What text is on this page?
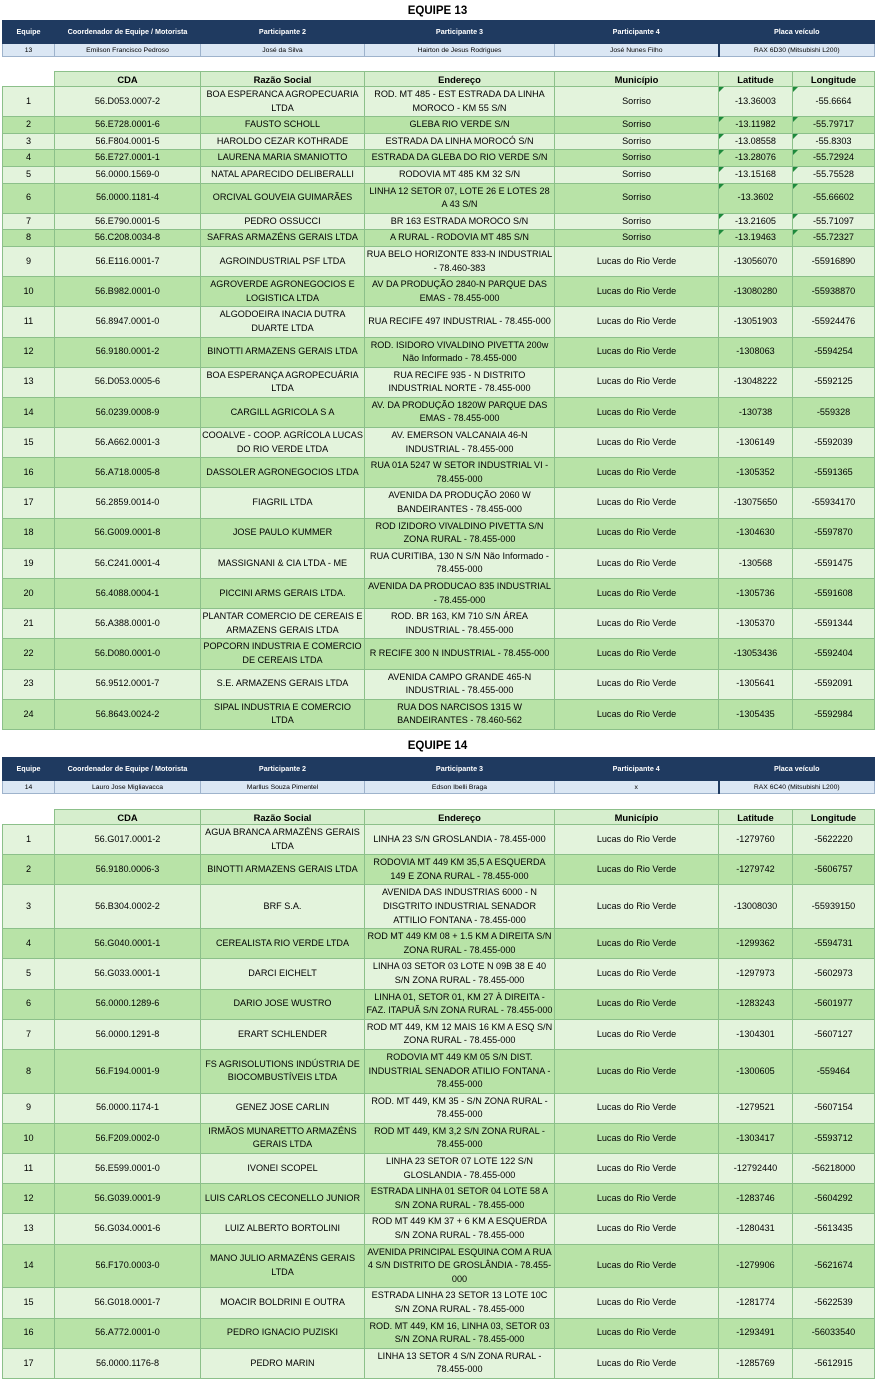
EQUIPE 13
Equipe	Coordenador de Equipe / Motorista	Participante 2	Participante 3	Participante 4	Placa veículo
13	Emilson Francisco Pedroso	José da Silva	Hairton de Jesus Rodrigues	José Nunes Filho	RAX 6D30 (Mitsubishi L200)
	CDA	Razão Social	Endereço	Município	Latitude	Longitude
1	56.D053.0007-2	BOA ESPERANCA AGROPECUARIA LTDA	ROD. MT 485 - EST ESTRADA DA LINHA MOROCO - KM 55 S/N	Sorriso	-13.36003	-55.6664
2	56.E728.0001-6	FAUSTO SCHOLL	GLEBA RIO VERDE S/N	Sorriso	-13.11982	-55.79717
3	56.F804.0001-5	HAROLDO CEZAR KOTHRADE	ESTRADA DA LINHA MOROCÓ S/N	Sorriso	-13.08558	-55.8303
4	56.E727.0001-1	LAURENA MARIA SMANIOTTO	ESTRADA DA GLEBA DO RIO VERDE S/N	Sorriso	-13.28076	-55.72924
5	56.0000.1569-0	NATAL APARECIDO DELIBERALLI	RODOVIA MT 485 KM 32 S/N	Sorriso	-13.15168	-55.75528
6	56.0000.1181-4	ORCIVAL GOUVEIA GUIMARÃES	LINHA 12 SETOR 07, LOTE 26 E LOTES 28 A 43 S/N	Sorriso	-13.3602	-55.66602
7	56.E790.0001-5	PEDRO OSSUCCI	BR 163 ESTRADA MOROCO S/N	Sorriso	-13.21605	-55.71097
8	56.C208.0034-8	SAFRAS ARMAZÉNS GERAIS LTDA	A RURAL - RODOVIA MT 485 S/N	Sorriso	-13.19463	-55.72327
9	56.E116.0001-7	AGROINDUSTRIAL PSF LTDA	RUA BELO HORIZONTE 833-N INDUSTRIAL - 78.460-383	Lucas do Rio Verde	-13056070	-55916890
10	56.B982.0001-0	AGROVERDE AGRONEGOCIOS E LOGISTICA LTDA	AV DA PRODUÇÃO 2840-N PARQUE DAS EMAS - 78.455-000	Lucas do Rio Verde	-13080280	-55938870
11	56.8947.0001-0	ALGODOEIRA INACIA DUTRA DUARTE LTDA	RUA RECIFE 497 INDUSTRIAL - 78.455-000	Lucas do Rio Verde	-13051903	-55924476
12	56.9180.0001-2	BINOTTI ARMAZENS GERAIS LTDA	ROD. ISIDORO VIVALDINO PIVETTA 200w Não Informado - 78.455-000	Lucas do Rio Verde	-1308063	-5594254
13	56.D053.0005-6	BOA ESPERANÇA AGROPECUÁRIA LTDA	RUA RECIFE 935 - N DISTRITO INDUSTRIAL NORTE - 78.455-000	Lucas do Rio Verde	-13048222	-5592125
14	56.0239.0008-9	CARGILL AGRICOLA S A	AV. DA PRODUÇÃO 1820W PARQUE DAS EMAS - 78.455-000	Lucas do Rio Verde	-130738	-559328
15	56.A662.0001-3	COOALVE - COOP. AGRÍCOLA LUCAS DO RIO VERDE LTDA	AV. EMERSON VALCANAIA 46-N INDUSTRIAL - 78.455-000	Lucas do Rio Verde	-1306149	-5592039
16	56.A718.0005-8	DASSOLER AGRONEGOCIOS LTDA	RUA 01A 5247 W SETOR INDUSTRIAL VI - 78.455-000	Lucas do Rio Verde	-1305352	-5591365
17	56.2859.0014-0	FIAGRIL LTDA	AVENIDA DA PRODUÇÃO 2060 W BANDEIRANTES - 78.455-000	Lucas do Rio Verde	-13075650	-55934170
18	56.G009.0001-8	JOSE PAULO KUMMER	ROD IZIDORO VIVALDINO PIVETTA S/N ZONA RURAL - 78.455-000	Lucas do Rio Verde	-1304630	-5597870
19	56.C241.0001-4	MASSIGNANI & CIA LTDA - ME	RUA CURITIBA, 130 N S/N Não Informado - 78.455-000	Lucas do Rio Verde	-130568	-5591475
20	56.4088.0004-1	PICCINI ARMS GERAIS LTDA.	AVENIDA DA PRODUCAO 835 INDUSTRIAL - 78.455-000	Lucas do Rio Verde	-1305736	-5591608
21	56.A388.0001-0	PLANTAR COMERCIO DE CEREAIS E ARMAZENS GERAIS LTDA	ROD. BR 163, KM 710 S/N ÁREA INDUSTRIAL - 78.455-000	Lucas do Rio Verde	-1305370	-5591344
22	56.D080.0001-0	POPCORN INDUSTRIA E COMERCIO DE CEREAIS LTDA	R RECIFE 300 N INDUSTRIAL - 78.455-000	Lucas do Rio Verde	-13053436	-5592404
23	56.9512.0001-7	S.E. ARMAZENS GERAIS LTDA	AVENIDA CAMPO GRANDE 465-N INDUSTRIAL - 78.455-000	Lucas do Rio Verde	-1305641	-5592091
24	56.8643.0024-2	SIPAL INDUSTRIA E COMERCIO LTDA	RUA DOS NARCISOS 1315 W BANDEIRANTES - 78.460-562	Lucas do Rio Verde	-1305435	-5592984
EQUIPE 14
Equipe	Coordenador de Equipe / Motorista	Participante 2	Participante 3	Participante 4	Placa veículo
14	Lauro Jose Migliavacca	Marllus Souza Pimentel	Edson Ibelli Braga	x	RAX 6C40 (Mitsubishi L200)
	CDA	Razão Social	Endereço	Município	Latitude	Longitude
1	56.G017.0001-2	AGUA BRANCA ARMAZÉNS GERAIS LTDA	LINHA 23 S/N GROSLANDIA - 78.455-000	Lucas do Rio Verde	-1279760	-5622220
2	56.9180.0006-3	BINOTTI ARMAZENS GERAIS LTDA	RODOVIA MT 449 KM 35,5 A ESQUERDA 149 E ZONA RURAL - 78.455-000	Lucas do Rio Verde	-1279742	-5606757
3	56.B304.0002-2	BRF S.A.	AVENIDA DAS INDUSTRIAS 6000 - N DISGTRITO INDUSTRIAL SENADOR ATTILIO FONTANA - 78.455-000	Lucas do Rio Verde	-13008030	-55939150
4	56.G040.0001-1	CEREALISTA RIO VERDE LTDA	ROD MT 449 KM 08 + 1.5 KM A DIREITA S/N ZONA RURAL - 78.455-000	Lucas do Rio Verde	-1299362	-5594731
5	56.G033.0001-1	DARCI EICHELT	LINHA 03 SETOR 03 LOTE N 09B 38 E 40 S/N ZONA RURAL - 78.455-000	Lucas do Rio Verde	-1297973	-5602973
6	56.0000.1289-6	DARIO JOSE WUSTRO	LINHA 01, SETOR 01, KM 27 À DIREITA - FAZ. ITAPUÃ S/N ZONA RURAL - 78.455-000	Lucas do Rio Verde	-1283243	-5601977
7	56.0000.1291-8	ERART SCHLENDER	ROD MT 449, KM 12 MAIS 16 KM A ESQ S/N ZONA RURAL - 78.455-000	Lucas do Rio Verde	-1304301	-5607127
8	56.F194.0001-9	FS AGRISOLUTIONS INDÚSTRIA DE BIOCOMBUSTÍVEIS LTDA	RODOVIA MT 449 KM 05 S/N DIST. INDUSTRIAL SENADOR ATILIO FONTANA - 78.455-000	Lucas do Rio Verde	-1300605	-559464
9	56.0000.1174-1	GENEZ JOSE CARLIN	ROD. MT 449, KM 35 - S/N ZONA RURAL - 78.455-000	Lucas do Rio Verde	-1279521	-5607154
10	56.F209.0002-0	IRMÃOS MUNARETTO ARMAZÉNS GERAIS LTDA	ROD MT 449, KM 3,2 S/N ZONA RURAL - 78.455-000	Lucas do Rio Verde	-1303417	-5593712
11	56.E599.0001-0	IVONEI SCOPEL	LINHA 23 SETOR 07 LOTE 122 S/N GLOSLANDIA - 78.455-000	Lucas do Rio Verde	-12792440	-56218000
12	56.G039.0001-9	LUIS CARLOS CECONELLO JUNIOR	ESTRADA LINHA 01 SETOR 04 LOTE 58 A S/N ZONA RURAL - 78.455-000	Lucas do Rio Verde	-1283746	-5604292
13	56.G034.0001-6	LUIZ ALBERTO BORTOLINI	ROD MT 449 KM 37 + 6 KM A ESQUERDA S/N ZONA RURAL - 78.455-000	Lucas do Rio Verde	-1280431	-5613435
14	56.F170.0003-0	MANO JULIO ARMAZÉNS GERAIS LTDA	AVENIDA PRINCIPAL ESQUINA COM A RUA 4 S/N DISTRITO DE GROSLÂNDIA - 78.455-000	Lucas do Rio Verde	-1279906	-5621674
15	56.G018.0001-7	MOACIR BOLDRINI E OUTRA	ESTRADA LINHA 23 SETOR 13 LOTE 10C S/N ZONA RURAL - 78.455-000	Lucas do Rio Verde	-1281774	-5622539
16	56.A772.0001-0	PEDRO IGNACIO PUZISKI	ROD. MT 449, KM 16, LINHA 03, SETOR 03 S/N ZONA RURAL - 78.455-000	Lucas do Rio Verde	-1293491	-56033540
17	56.0000.1176-8	PEDRO MARIN	LINHA 13 SETOR 4 S/N ZONA RURAL - 78.455-000	Lucas do Rio Verde	-1285769	-5612915
